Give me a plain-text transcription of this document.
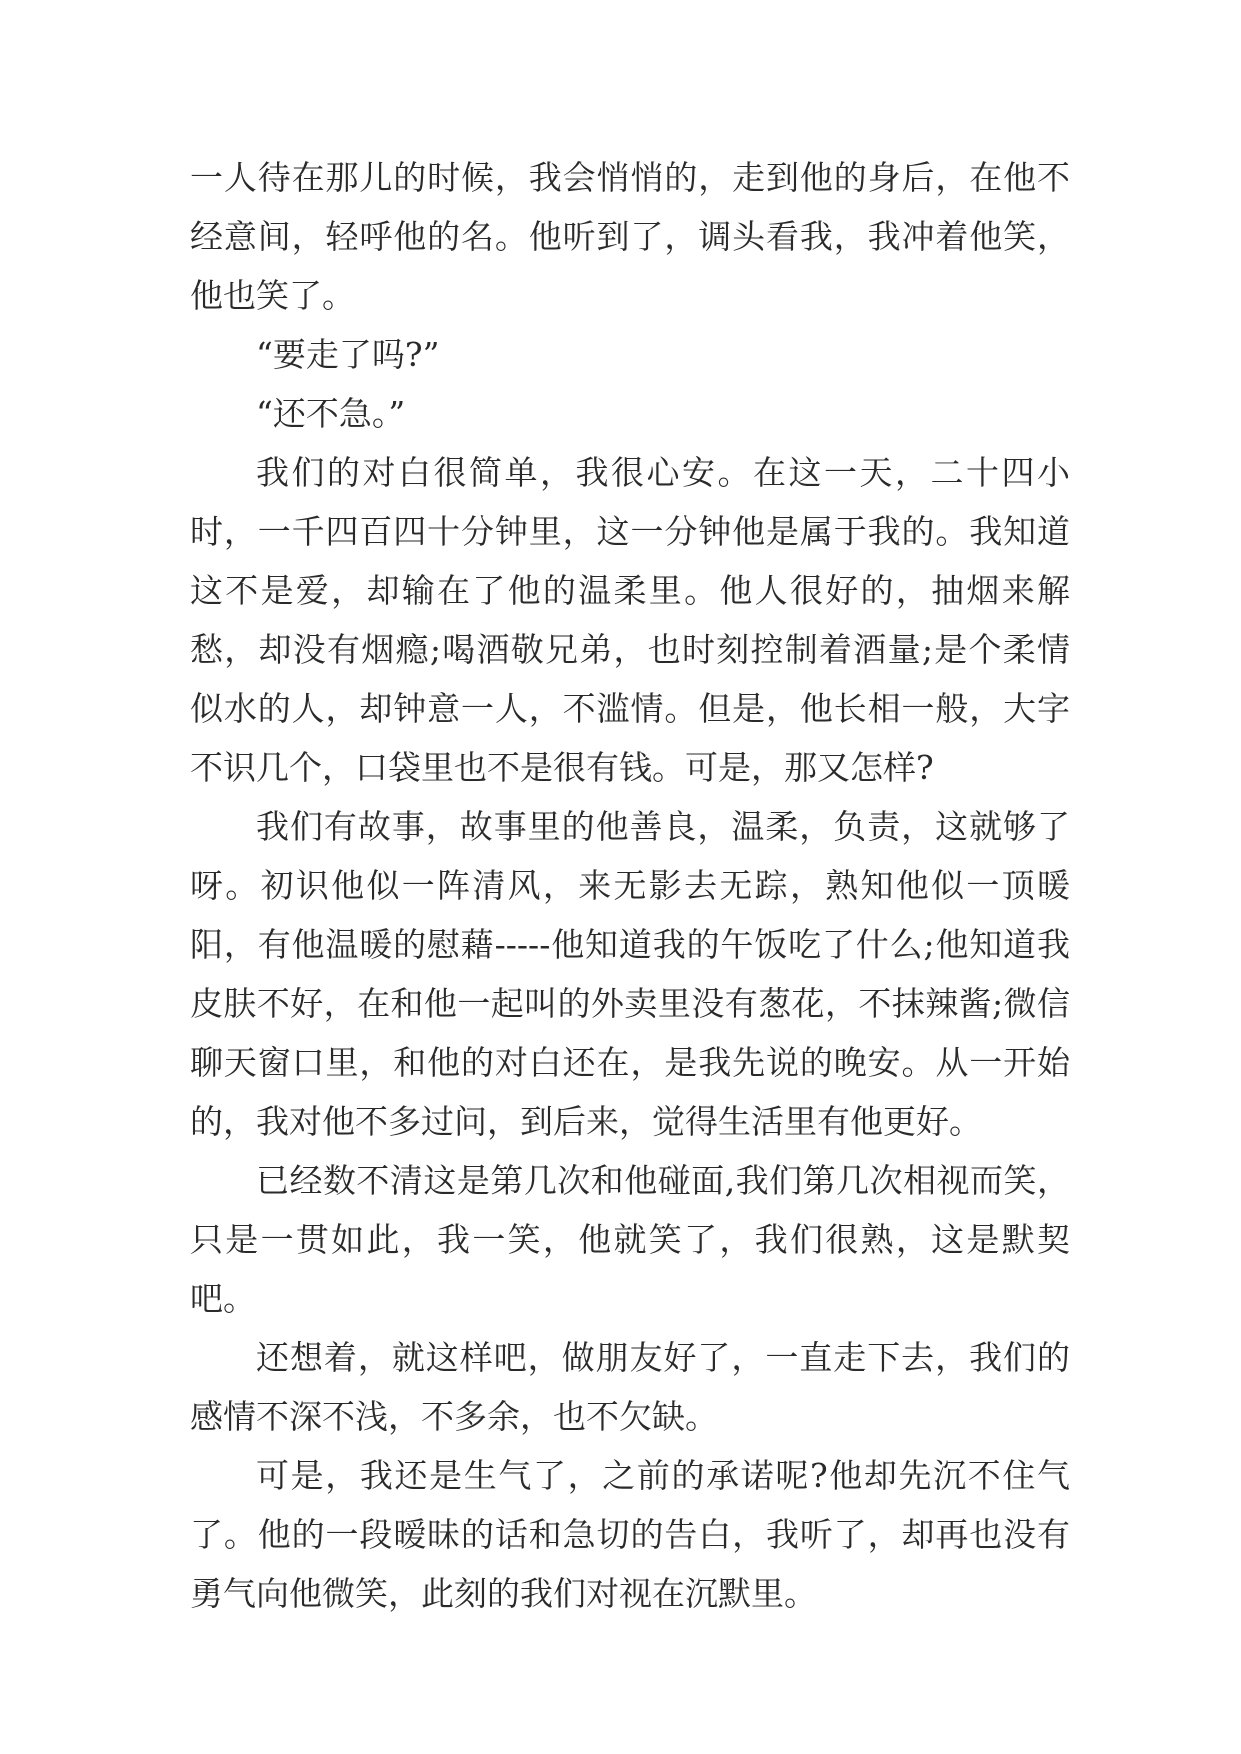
一人待在那儿的时候，我会悄悄的，走到他的身后，在他不经意间，轻呼他的名。他听到了，调头看我，我冲着他笑，他也笑了。

“要走了吗?”

“还不急。”

我们的对白很简单，我很心安。在这一天，二十四小时，一千四百四十分钟里，这一分钟他是属于我的。我知道这不是爱，却输在了他的温柔里。他人很好的，抽烟来解愁，却没有烟瘾;喝酒敬兄弟，也时刻控制着酒量;是个柔情似水的人，却钟意一人，不滥情。但是，他长相一般，大字不识几个，口袋里也不是很有钱。可是，那又怎样?

我们有故事，故事里的他善良，温柔，负责，这就够了呀。初识他似一阵清风，来无影去无踪，熟知他似一顶暖阳，有他温暖的慰藉-----他知道我的午饭吃了什么;他知道我皮肤不好，在和他一起叫的外卖里没有葱花，不抹辣酱;微信聊天窗口里，和他的对白还在，是我先说的晚安。从一开始的，我对他不多过问，到后来，觉得生活里有他更好。

已经数不清这是第几次和他碰面,我们第几次相视而笑，只是一贯如此，我一笑，他就笑了，我们很熟，这是默契吧。

还想着，就这样吧，做朋友好了，一直走下去，我们的感情不深不浅，不多余，也不欠缺。

可是，我还是生气了，之前的承诺呢?他却先沉不住气了。他的一段暧昧的话和急切的告白，我听了，却再也没有勇气向他微笑，此刻的我们对视在沉默里。
